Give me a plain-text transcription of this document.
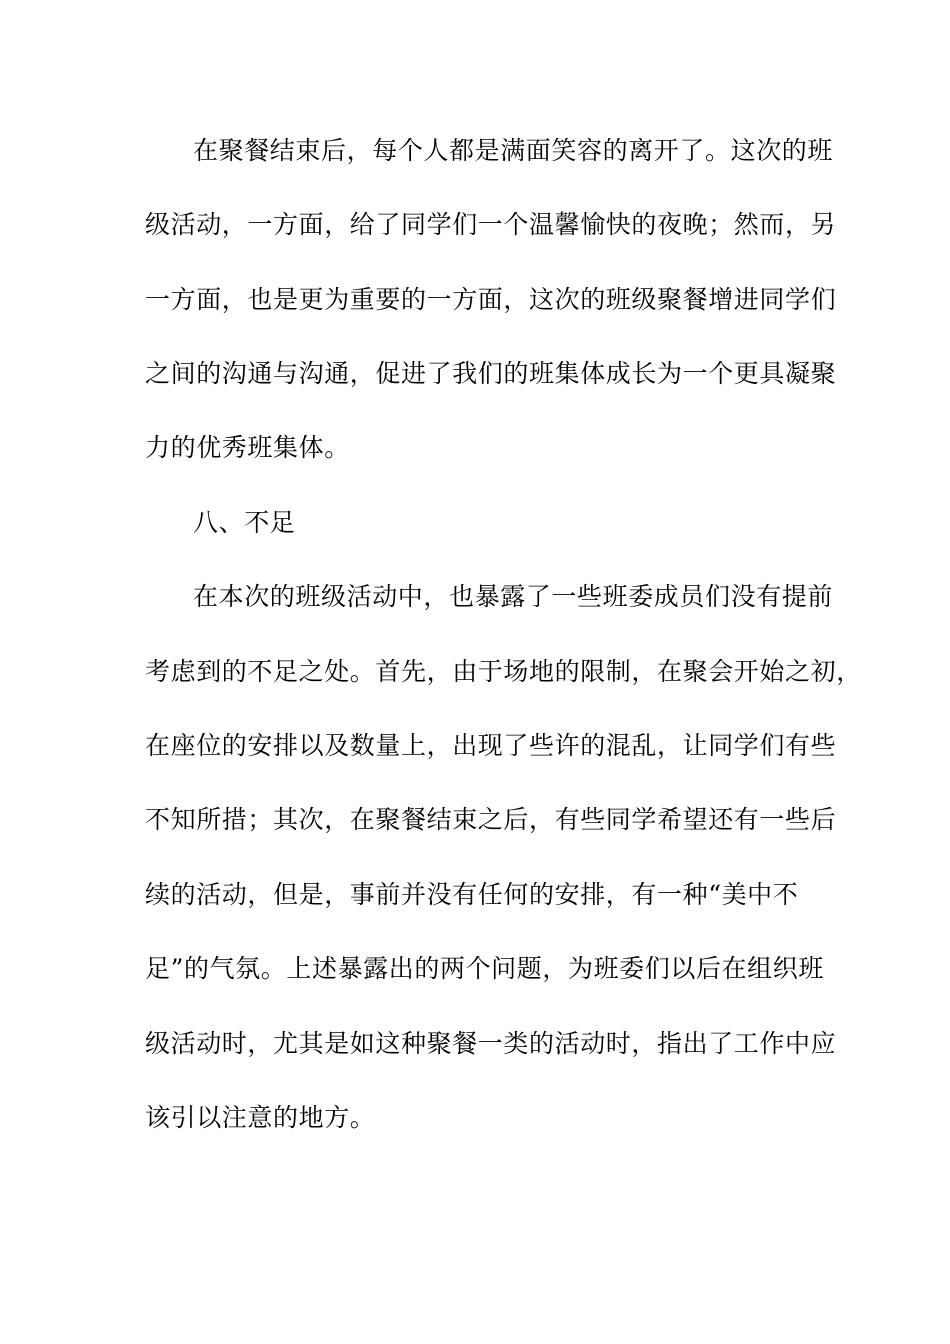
在聚餐结束后，每个人都是满面笑容的离开了。这次的班
级活动，一方面，给了同学们一个温馨愉快的夜晚；然而，另
一方面，也是更为重要的一方面，这次的班级聚餐增进同学们
之间的沟通与沟通，促进了我们的班集体成长为一个更具凝聚
力的优秀班集体。
八、不足
在本次的班级活动中，也暴露了一些班委成员们没有提前
考虑到的不足之处。首先，由于场地的限制，在聚会开始之初，
在座位的安排以及数量上，出现了些许的混乱，让同学们有些
不知所措；其次，在聚餐结束之后，有些同学希望还有一些后
续的活动，但是，事前并没有任何的安排，有一种“美中不
足”的气氛。上述暴露出的两个问题，为班委们以后在组织班
级活动时，尤其是如这种聚餐一类的活动时，指出了工作中应
该引以注意的地方。
